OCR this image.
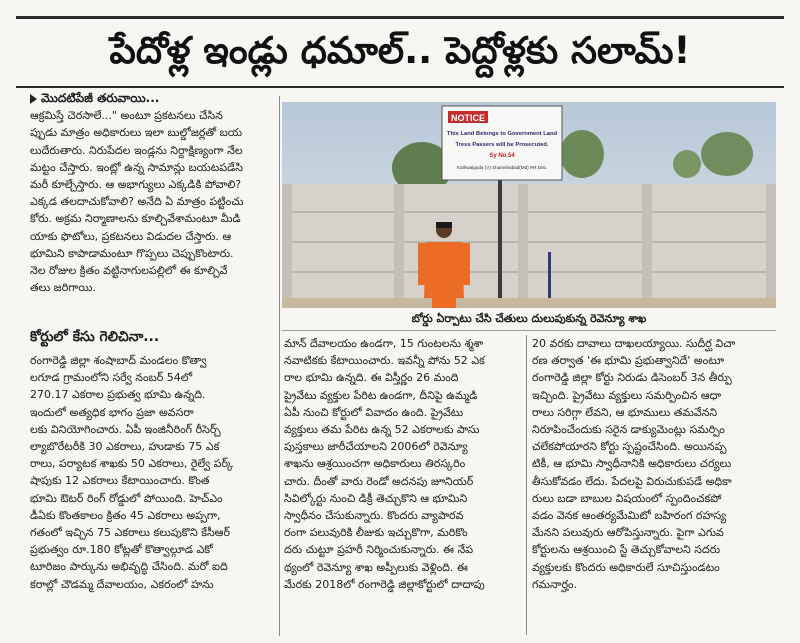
పేదోళ్ల ఇండ్లు ధమాల్.. పెద్దోళ్లకు సలామ్!
మొదటిపేజీ తరువాయి...

ఆక్రమిస్తే చెరసాలే..." అంటూ ప్రకటనలు చేసిన

ప్పుడు మాత్రం అధికారులు ఇలా బుల్డోజర్లతో బయ

లుదేరుతారు. నిరుపేదల ఇండ్లను నిర్దాక్షిణ్యంగా నేల

మట్టం చేస్తారు. ఇంట్లో ఉన్న సామాన్లు బయటపడేసి

మరీ కూల్చేస్తారు. ఆ అభాగ్యులు ఎక్కడికి పోవాలి?

ఎక్కడ తలదాచుకోవాలి? అనేది ఏ మాత్రం పట్టించు

కోరు. అక్రమ నిర్మాణాలను కూల్చివేశామంటూ మీడి

యాకు ఫొటోలు, ప్రకటనలు విడుదల చేస్తారు. ఆ

భూమిని కాపాడామంటూ గొప్పలు చెప్పుకొంటారు.

నెల రోజుల క్రితం వట్టినాగులపల్లిలో ఈ కూల్చివే

తలు జరిగాయి.

కోర్టులో కేసు గెలిచినా...

రంగారెడ్డి జిల్లా శంషాబాద్ మండలం కొత్వా

లగూడ గ్రామంలోని సర్వే నంబర్ 54లో

270.17 ఎకరాల ప్రభుత్వ భూమి ఉన్నది.

ఇందులో అత్యధిక భాగం ప్రజా అవసరా

లకు వినియోగించారు. ఏపీ ఇంజినీరింగ్ రీసెర్చ్

ల్యాబొరేటరీకి 30 ఎకరాలు, హుడాకు 75 ఎక

రాలు, పర్యాటక శాఖకు 50 ఎకరాలు, రైల్వే పర్క్

షాపుకు 12 ఎకరాలు కేటాయించారు. కొంత

భూమి ఔటర్ రింగ్ రోడ్డులో పోయింది. హెచ్ఎం

డీఏకు కొంతకాలం క్రితం 45 ఎకరాలు అప్పగా,

గతంలో ఇచ్చిన 75 ఎకరాలు కలుపుకొని కేసీఆర్

ప్రభుత్వం రూ.180 కోట్లతో కొత్వాల్గూడ ఎకో

టూరిజం పార్కును అభివృద్ధి చేసింది. మరో ఐది

కరాల్లో చౌడమ్మ దేవాలయం, ఎకరంలో హను

NOTICE
This Land Belongs to Government Land
Tress Passers will be Prosecuted.
Sy No.54
Kothwalguda (V) Shamshabad(Md) RR Dist.
బోర్డు ఏర్పాటు చేసి చేతులు దులుపుకున్న రెవెన్యూ శాఖ

మాన్ దేవాలయం ఉండగా, 15 గుంటలను శ్మశా

నవాటికకు కేటాయించారు. ఇవన్నీ పోను 52 ఎక

రాల భూమి ఉన్నది. ఈ విస్తీర్ణం 26 మంది

ప్రైవేటు వ్యక్తుల పేరిట ఉండగా, దీనిపై ఉమ్మడి

ఏపీ నుంచి కోర్టులో వివాదం ఉంది. ప్రైవేటు

వ్యక్తులు తమ పేరిట ఉన్న 52 ఎకరాలకు పాసు

పుస్తకాలు జారీచేయాలని 2006లో రెవెన్యూ

శాఖను ఆశ్రయించగా అధికారులు తిరస్కరిం

చారు. దీంతో వారు రెండో అదనపు జూనియర్

సివిల్కోర్టు నుంచి డిక్రీ తెచ్చుకొని ఆ భూమిని

స్వాధీనం చేసుకున్నారు. కొందరు వ్యాపారవ

రంగా పలువురికి లీజుకు ఇచ్చుకొగా, మరికొం

దరు చుట్టూ ప్రహరీ నిర్మించుకున్నారు. ఈ నేప

థ్యంలో రెవెన్యూ శాఖ అప్పీలుకు వెళ్లింది. ఈ

మేరకు 2018లో రంగారెడ్డి జిల్లాకోర్టులో దాదాపు

20 వరకు దావాలు దాఖలయ్యాయి. సుదీర్ఘ విచా

రణ తర్వాత 'ఈ భూమి ప్రభుత్వానిదే' అంటూ

రంగారెడ్డి జిల్లా కోర్టు నిరుడు డిసెంబర్ 3న తీర్పు

ఇచ్చింది. ప్రైవేటు వ్యక్తులు సమర్పించిన ఆధా

రాలు సరిగ్గా లేవని, ఆ భూములు తమవేనని

నిరూపించేందుకు సరైన డాక్యుమెంట్లు సమర్పిం

చలేకపోయారని కోర్టు స్పష్టంచేసింది. అయినప్ప

టికీ, ఆ భూమి స్వాధీనానికి అధికారులు చర్యలు

తీసుకోవడం లేదు. పేదలపై విరుచుకుపడే అధికా

రులు బడా బాబుల విషయంలో స్పందించకపో

వడం వెనక ఆంతర్యమేమిటో బహిరంగ రహస్య

మేనని పలువురు ఆరోపిస్తున్నారు. పైగా ఎగువ

కోర్టులను ఆశ్రయించి స్టే తెచ్చుకోవాలని సదరు

వ్యక్తులకు కొందరు అధికారులే సూచిస్తుండటం

గమనార్హం.
